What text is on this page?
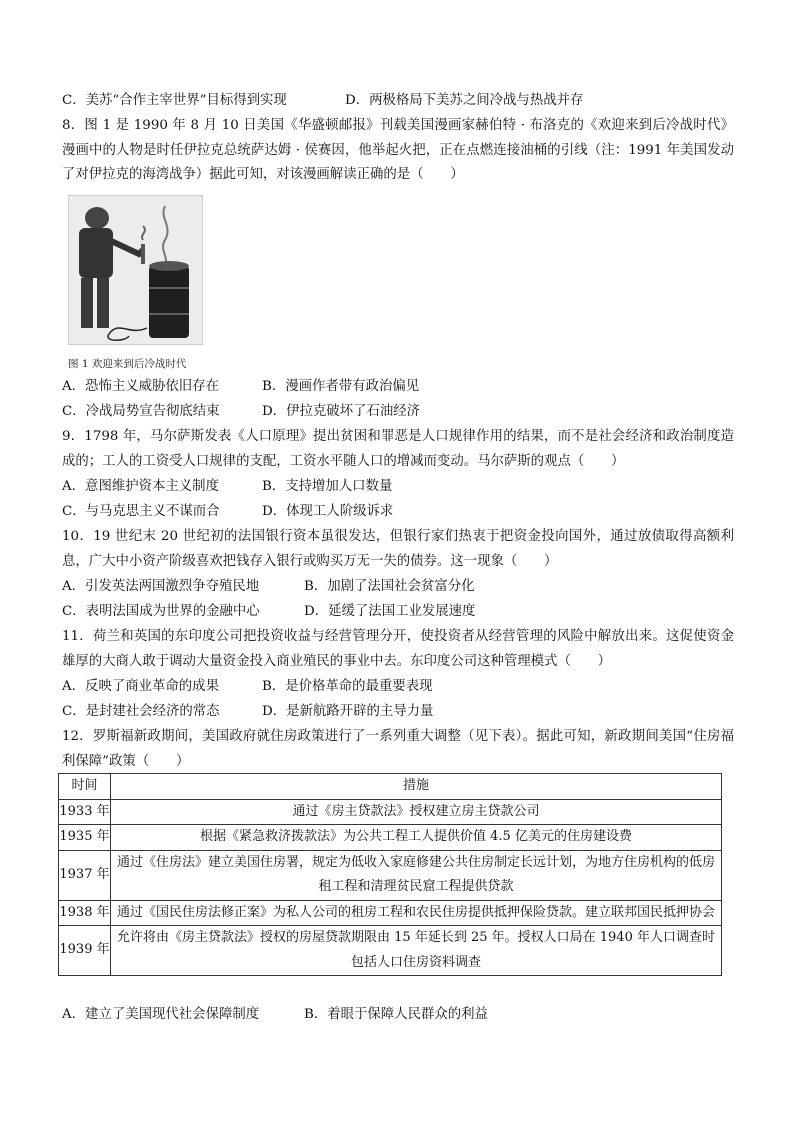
C．美苏“合作主宰世界”目标得到实现	D．两极格局下美苏之间冷战与热战并存
8．图 1 是 1990 年 8 月 10 日美国《华盛顿邮报》刊载美国漫画家赫伯特 · 布洛克的《欢迎来到后冷战时代》漫画中的人物是时任伊拉克总统萨达姆 · 侯赛因，他举起火把，正在点燃连接油桶的引线（注：1991 年美国发动了对伊拉克的海湾战争）据此可知，对该漫画解读正确的是（　　）
图 1 欢迎来到后冷战时代
A．恐怖主义威胁依旧存在	B．漫画作者带有政治偏见
C．冷战局势宣告彻底结束	D．伊拉克破坏了石油经济
9．1798 年，马尔萨斯发表《人口原理》提出贫困和罪恶是人口规律作用的结果，而不是社会经济和政治制度造成的；工人的工资受人口规律的支配，工资水平随人口的增减而变动。马尔萨斯的观点（　　）
A．意图维护资本主义制度	B．支持增加人口数量
C．与马克思主义不谋而合	D．体现工人阶级诉求
10．19 世纪末 20 世纪初的法国银行资本虽很发达，但银行家们热衷于把资金投向国外，通过放债取得高额利息，广大中小资产阶级喜欢把钱存入银行或购买万无一失的债券。这一现象（　　）
A．引发英法两国激烈争夺殖民地	B．加剧了法国社会贫富分化
C．表明法国成为世界的金融中心	D．延缓了法国工业发展速度
11．荷兰和英国的东印度公司把投资收益与经营管理分开，使投资者从经营管理的风险中解放出来。这促使资金雄厚的大商人敢于调动大量资金投入商业殖民的事业中去。东印度公司这种管理模式（　　）
A．反映了商业革命的成果	B．是价格革命的最重要表现
C．是封建社会经济的常态	D．是新航路开辟的主导力量
12．罗斯福新政期间，美国政府就住房政策进行了一系列重大调整（见下表）。据此可知，新政期间美国“住房福利保障”政策（　　）
时间	措施
1933 年	通过《房主贷款法》授权建立房主贷款公司
1935 年	根据《紧急救济拨款法》为公共工程工人提供价值 4.5 亿美元的住房建设费
1937 年	通过《住房法》建立美国住房署，规定为低收入家庭修建公共住房制定长远计划，为地方住房机构的低房租工程和清理贫民窟工程提供贷款
1938 年	通过《国民住房法修正案》为私人公司的租房工程和农民住房提供抵押保险贷款。建立联邦国民抵押协会
1939 年	允许将由《房主贷款法》授权的房屋贷款期限由 15 年延长到 25 年。授权人口局在 1940 年人口调查时包括人口住房资料调查
A．建立了美国现代社会保障制度	B．着眼于保障人民群众的利益
